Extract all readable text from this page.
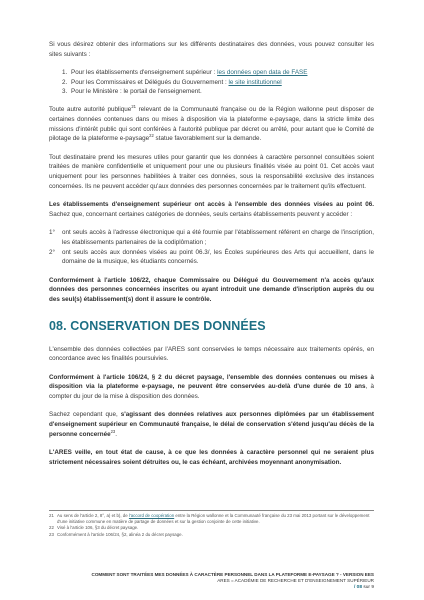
Si vous désirez obtenir des informations sur les différents destinataires des données, vous pouvez consulter les sites suivants :

1. Pour les établissements d'enseignement supérieur : les données open data de FASE
2. Pour les Commissaires et Délégués du Gouvernement : le site institutionnel
3. Pour le Ministère : le portail de l'enseignement.

Toute autre autorité publique$^{21}$ relevant de la Communauté française ou de la Région wallonne peut disposer de certaines données contenues dans ou mises à disposition via la plateforme e-paysage, dans la stricte limite des missions d'intérêt public qui sont conférées à l'autorité publique par décret ou arrêté, pour autant que le Comité de pilotage de la plateforme e-paysage$^{22}$ statue favorablement sur la demande.

Tout destinataire prend les mesures utiles pour garantir que les données à caractère personnel consultées soient traitées de manière confidentielle et uniquement pour une ou plusieurs finalités visée au point 01. Cet accès vaut uniquement pour les personnes habilitées à traiter ces données, sous la responsabilité exclusive des instances concernées. Ils ne peuvent accéder qu'aux données des personnes concernées par le traitement qu'ils effectuent.

Les établissements d'enseignement supérieur ont accès à l'ensemble des données visées au point 06. Sachez que, concernant certaines catégories de données, seuls certains établissements peuvent y accéder :

1°	ont seuls accès à l'adresse électronique qui a été fournie par l'établissement référent en charge de l'inscription, les établissements partenaires de la codiplômation ;
2°	ont seuls accès aux données visées au point 06.3/, les Écoles supérieures des Arts qui accueillent, dans le domaine de la musique, les étudiants concernés.

Conformément à l'article 106/22, chaque Commissaire ou Délégué du Gouvernement n'a accès qu'aux données des personnes concernées inscrites ou ayant introduit une demande d'inscription auprès du ou des seul(s) établissement(s) dont il assure le contrôle.

08. CONSERVATION DES DONNÉES

L'ensemble des données collectées par l'ARES sont conservées le temps nécessaire aux traitements opérés, en concordance avec les finalités poursuivies.

Conformément à l'article 106/24, § 2 du décret paysage, l'ensemble des données contenues ou mises à disposition via la plateforme e-paysage, ne peuvent être conservées au-delà d'une durée de 10 ans, à compter du jour de la mise à disposition des données.

Sachez cependant que, s'agissant des données relatives aux personnes diplômées par un établissement d'enseignement supérieur en Communauté française, le délai de conservation s'étend jusqu'au décès de la personne concernée$^{23}$.

L'ARES veille, en tout état de cause, à ce que les données à caractère personnel qui ne seraient plus strictement nécessaires soient détruites ou, le cas échéant, archivées moyennant anonymisation.

21 Au sens de l'article 2, 8°, a) et b), de l'accord de coopération entre la Région wallonne et la Communauté française du 23 mai 2013 portant sur le développement d'une initiative commune en matière de partage de données et sur la gestion conjointe de cette initiative.
22 Visé à l'article 106, §3 du décret paysage.
23 Conformément à l'article 106/24, §2, alinéa 2 du décret paysage.
COMMENT SONT TRAITÉES MES DONNÉES À CARACTÈRE PERSONNEL DANS LA PLATEFORME E-PAYSAGE ? - VERSION EES
ARES = ACADÉMIE DE RECHERCHE ET D'ENSEIGNEMENT SUPÉRIEUR
/ 08 sur 9
